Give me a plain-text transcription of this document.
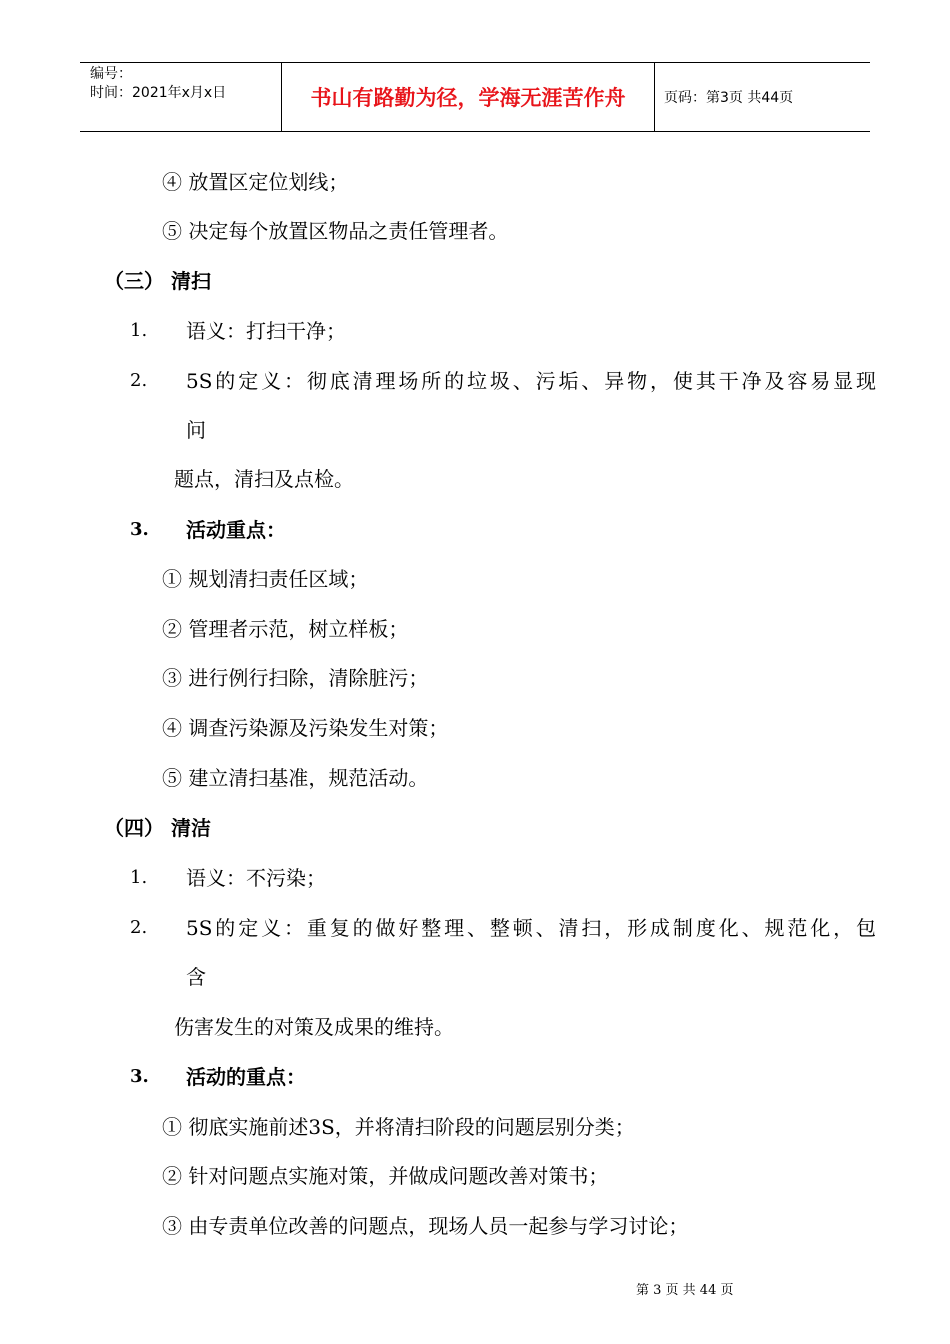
编号：
时间：2021年x月x日	书山有路勤为径，学海无涯苦作舟	页码：第3页 共44页
④ 放置区定位划线；
⑤ 决定每个放置区物品之责任管理者。
（三） 清扫
1. 语义：打扫干净；
2. 5S的定义：彻底清理场所的垃圾、污垢、异物，使其干净及容易显现
问
题点，清扫及点检。
3. 活动重点：
① 规划清扫责任区域；
② 管理者示范，树立样板；
③ 进行例行扫除，清除脏污；
④ 调查污染源及污染发生对策；
⑤ 建立清扫基准，规范活动。
（四） 清洁
1. 语义：不污染；
2. 5S的定义：重复的做好整理、整顿、清扫，形成制度化、规范化，包
含
伤害发生的对策及成果的维持。
3. 活动的重点：
① 彻底实施前述3S，并将清扫阶段的问题层别分类；
② 针对问题点实施对策，并做成问题改善对策书；
③ 由专责单位改善的问题点，现场人员一起参与学习讨论；
第 3 页 共 44 页
